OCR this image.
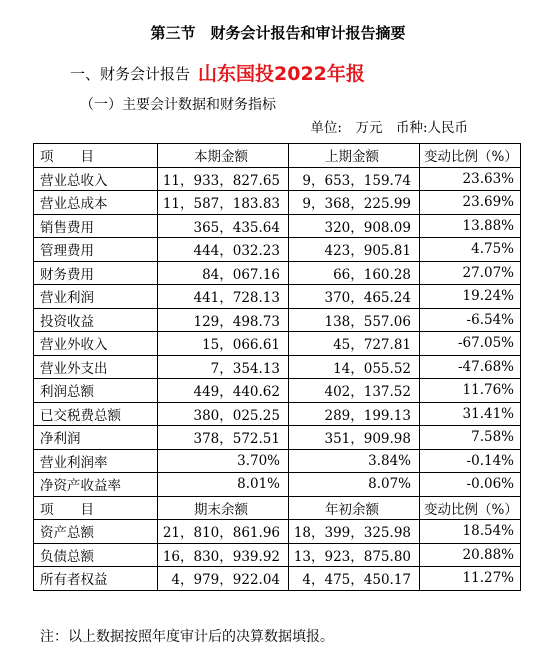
第三节　财务会计报告和审计报告摘要
一、财务会计报告 山东国投2022年报
（一）主要会计数据和财务指标
单位:　万元　币种:人民币
项　　目	本期金额	上期金额	变动比例（%）
营业总收入	11，933，827.65	9，653，159.74	23.63%
营业总成本	11，587，183.83	9，368，225.99	23.69%
销售费用	365，435.64	320，908.09	13.88%
管理费用	444，032.23	423，905.81	4.75%
财务费用	84，067.16	66，160.28	27.07%
营业利润	441，728.13	370，465.24	19.24%
投资收益	129，498.73	138，557.06	-6.54%
营业外收入	15，066.61	45，727.81	-67.05%
营业外支出	7，354.13	14，055.52	-47.68%
利润总额	449，440.62	402，137.52	11.76%
已交税费总额	380，025.25	289，199.13	31.41%
净利润	378，572.51	351，909.98	7.58%
营业利润率	3.70%	3.84%	-0.14%
净资产收益率	8.01%	8.07%	-0.06%
项　　目	期末余额	年初余额	变动比例（%）
资产总额	21，810，861.96	18，399，325.98	18.54%
负债总额	16，830，939.92	13，923，875.80	20.88%
所有者权益	4，979，922.04	4，475，450.17	11.27%
注：以上数据按照年度审计后的决算数据填报。
